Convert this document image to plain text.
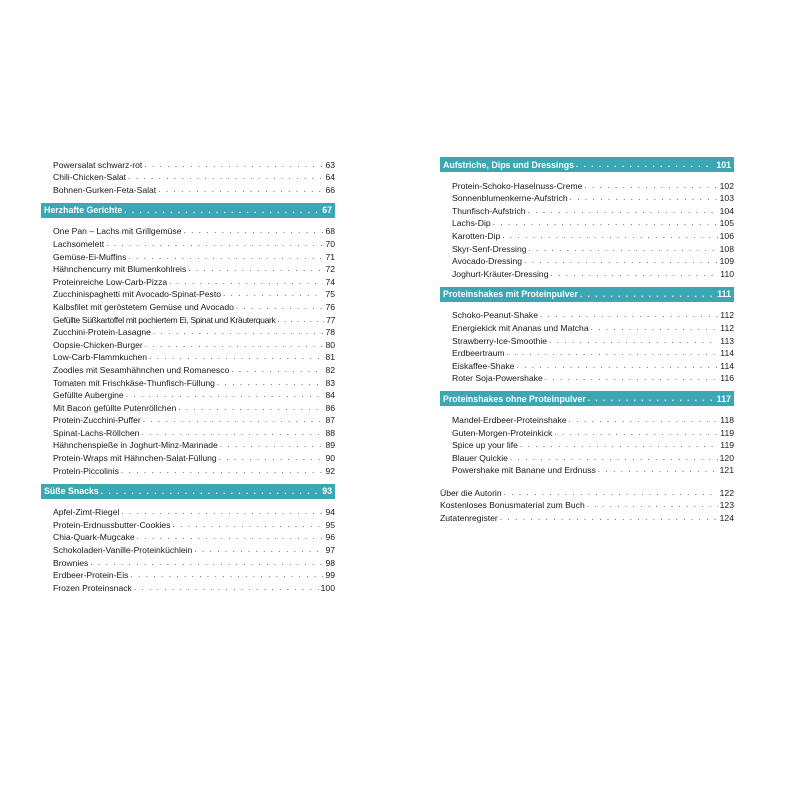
Powersalat schwarz-rot . . .	63
Chili-Chicken-Salat . . .	64
Bohnen-Gurken-Feta-Salat . . .	66
Herzhafte Gerichte . . .	67
One Pan – Lachs mit Grillgemüse . . .	68
Lachsomelett . . .	70
Gemüse-Ei-Muffins . . .	71
Hähnchencurry mit Blumenkohlreis . . .	72
Proteinreiche Low-Carb-Pizza . . .	74
Zucchinispaghetti mit Avocado-Spinat-Pesto . . .	75
Kalbsfilet mit geröstetem Gemüse und Avocado . . .	76
Gefüllte Süßkartoffel mit pochiertem Ei, Spinat und Kräuterquark . . .	77
Zucchini-Protein-Lasagne . . .	78
Oopsie-Chicken-Burger . . .	80
Low-Carb-Flammkuchen . . .	81
Zoodles mit Sesamhähnchen und Romanesco . . .	82
Tomaten mit Frischkäse-Thunfisch-Füllung . . .	83
Gefüllte Aubergine . . .	84
Mit Bacon gefüllte Putenröllchen . . .	86
Protein-Zucchini-Puffer . . .	87
Spinat-Lachs-Röllchen . . .	88
Hähnchenspieße in Joghurt-Minz-Marinade . . .	89
Protein-Wraps mit Hähnchen-Salat-Füllung . . .	90
Protein-Piccolinis . . .	92
Süße Snacks . . .	93
Apfel-Zimt-Riegel . . .	94
Protein-Erdnussbutter-Cookies . . .	95
Chia-Quark-Mugcake . . .	96
Schokoladen-Vanille-Proteinküchlein . . .	97
Brownies . . .	98
Erdbeer-Protein-Eis . . .	99
Frozen Proteinsnack . . .	100
Aufstriche, Dips und Dressings . . .	101
Protein-Schoko-Haselnuss-Creme . . .	102
Sonnenblumenkerne-Aufstrich . . .	103
Thunfisch-Aufstrich . . .	104
Lachs-Dip . . .	105
Karotten-Dip . . .	106
Skyr-Senf-Dressing . . .	108
Avocado-Dressing . . .	109
Joghurt-Kräuter-Dressing . . .	110
Proteinshakes mit Proteinpulver . . .	111
Schoko-Peanut-Shake . . .	112
Energiekick mit Ananas und Matcha . . .	112
Strawberry-Ice-Smoothie . . .	113
Erdbeertraum . . .	114
Eiskaffee-Shake . . .	114
Roter Soja-Powershake . . .	116
Proteinshakes ohne Proteinpulver . . .	117
Mandel-Erdbeer-Proteinshake . . .	118
Guten-Morgen-Proteinkick . . .	119
Spice up your life . . .	119
Blauer Quickie . . .	120
Powershake mit Banane und Erdnuss . . .	121
Über die Autorin . . .	122
Kostenloses Bonusmaterial zum Buch . . .	123
Zutatenregister . . .	124
